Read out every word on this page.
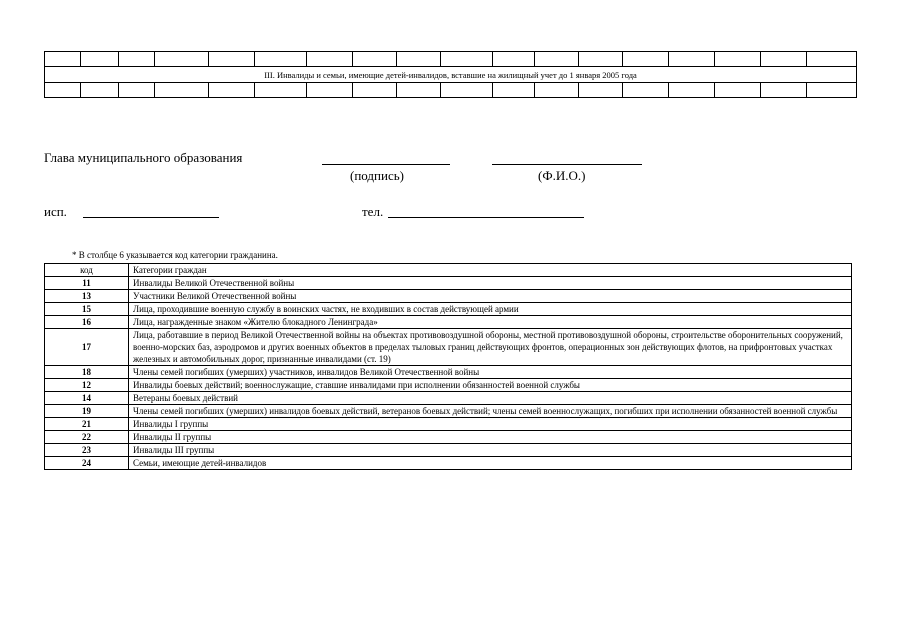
III. Инвалиды и семьи, имеющие детей-инвалидов, вставшие на жилищный учет до 1 января 2005 года																	

Глава муниципального образования
(подпись)	(Ф.И.О.)
исп.	тел.
* В столбце 6 указывается код категории гражданина.
код	Категории граждан
11	Инвалиды Великой Отечественной войны
13	Участники Великой Отечественной войны
15	Лица, проходившие военную службу в воинских частях, не входивших в состав действующей армии
16	Лица, награжденные знаком «Жителю блокадного Ленинграда»
17	Лица, работавшие в период Великой Отечественной войны на объектах противовоздушной обороны, местной противовоздушной обороны, строительстве оборонительных сооружений, военно-морских баз, аэродромов и других военных объектов в пределах тыловых границ действующих фронтов, операционных зон действующих флотов, на прифронтовых участках железных и автомобильных дорог, признанные инвалидами (ст. 19)
18	Члены семей погибших (умерших) участников, инвалидов Великой Отечественной войны
12	Инвалиды боевых действий; военнослужащие, ставшие инвалидами при исполнении обязанностей военной службы
14	Ветераны боевых действий
19	Члены семей погибших (умерших) инвалидов боевых действий, ветеранов боевых действий; члены семей военнослужащих, погибших при исполнении обязанностей военной службы
21	Инвалиды I группы
22	Инвалиды II группы
23	Инвалиды III группы
24	Семьи, имеющие детей-инвалидов
